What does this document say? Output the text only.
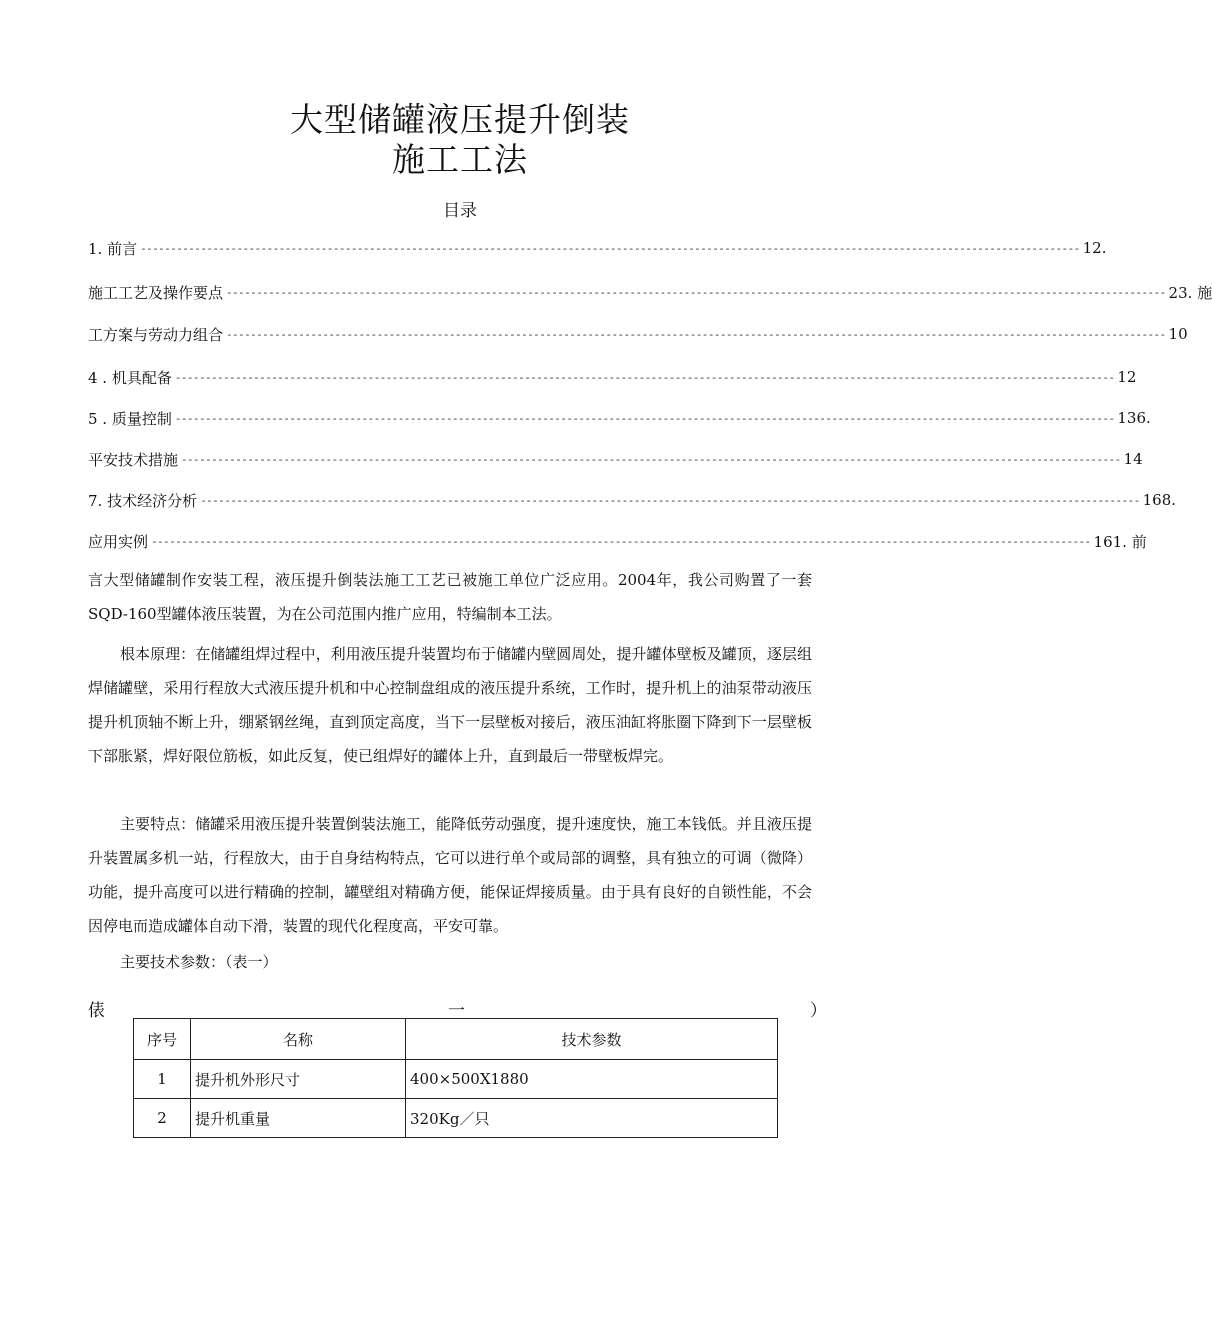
大型储罐液压提升倒装
施工工法
目录
1. 前言 ------------------------------------------------------------------------------------------------------------------------------------------------------------ 12.
施工工艺及操作要点 ------------------------------------------------------------------------------------------------------------------------------------------------------------ 23. 施
工方案与劳动力组合 ------------------------------------------------------------------------------------------------------------------------------------------------------------ 10
4 . 机具配备 ------------------------------------------------------------------------------------------------------------------------------------------------------------ 12
5 . 质量控制 ------------------------------------------------------------------------------------------------------------------------------------------------------------ 136.
平安技术措施 ------------------------------------------------------------------------------------------------------------------------------------------------------------ 14
7. 技术经济分析 ------------------------------------------------------------------------------------------------------------------------------------------------------------ 168.
应用实例 ------------------------------------------------------------------------------------------------------------------------------------------------------------ 161. 前

言大型储罐制作安装工程，液压提升倒装法施工工艺已被施工单位广泛应用。2004年，我公司购置了一套SQD-160型罐体液压装置，为在公司范围内推广应用，特编制本工法。

根本原理：在储罐组焊过程中，利用液压提升装置均布于储罐内壁圆周处，提升罐体壁板及罐顶，逐层组焊储罐壁，采用行程放大式液压提升机和中心控制盘组成的液压提升系统，工作时，提升机上的油泵带动液压提升机顶轴不断上升，绷紧钢丝绳，直到顶定高度，当下一层壁板对接后，液压油缸将胀圈下降到下一层壁板下部胀紧，焊好限位筋板，如此反复，使已组焊好的罐体上升，直到最后一带壁板焊完。

主要特点：储罐采用液压提升装置倒装法施工，能降低劳动强度，提升速度快，施工本钱低。并且液压提升装置属多机一站，行程放大，由于自身结构特点，它可以进行单个或局部的调整，具有独立的可调（微降）功能，提升高度可以进行精确的控制，罐壁组对精确方便，能保证焊接质量。由于具有良好的自锁性能，不会因停电而造成罐体自动下滑，装置的现代化程度高，平安可靠。

主要技术参数：（表一）

俵	一	）
序号	名称	技术参数
1	提升机外形尺寸	400×500X1880
2	提升机重量	320Kg／只
